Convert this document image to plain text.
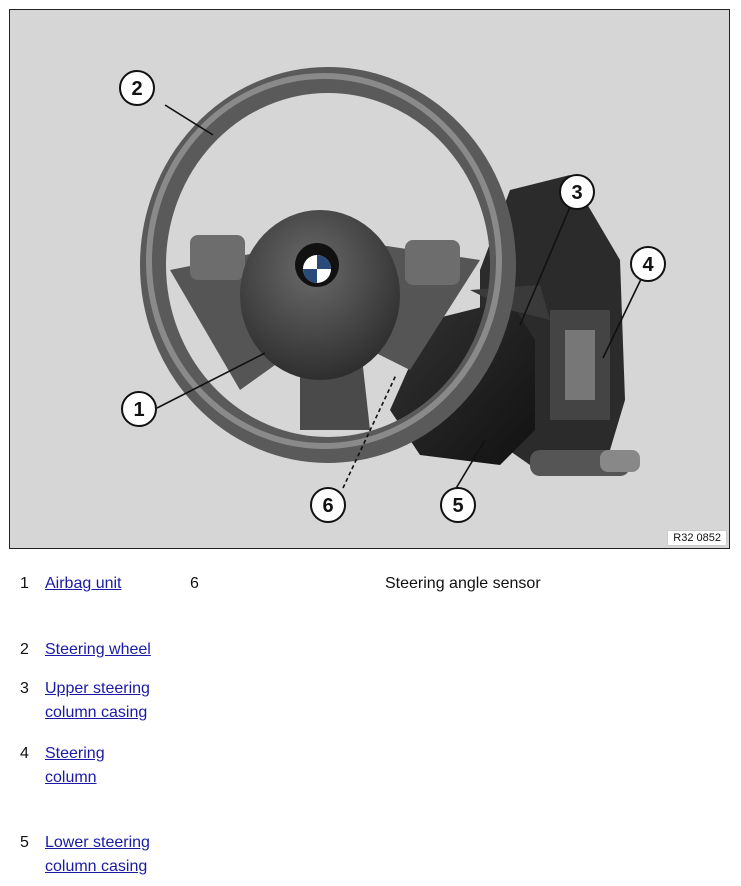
2
1
3
4
5
6
R32 0852
1 Airbag unit	6	Steering angle sensor
2 Steering wheel
3 Upper steering column casing
4 Steering column
5 Lower steering column casing
